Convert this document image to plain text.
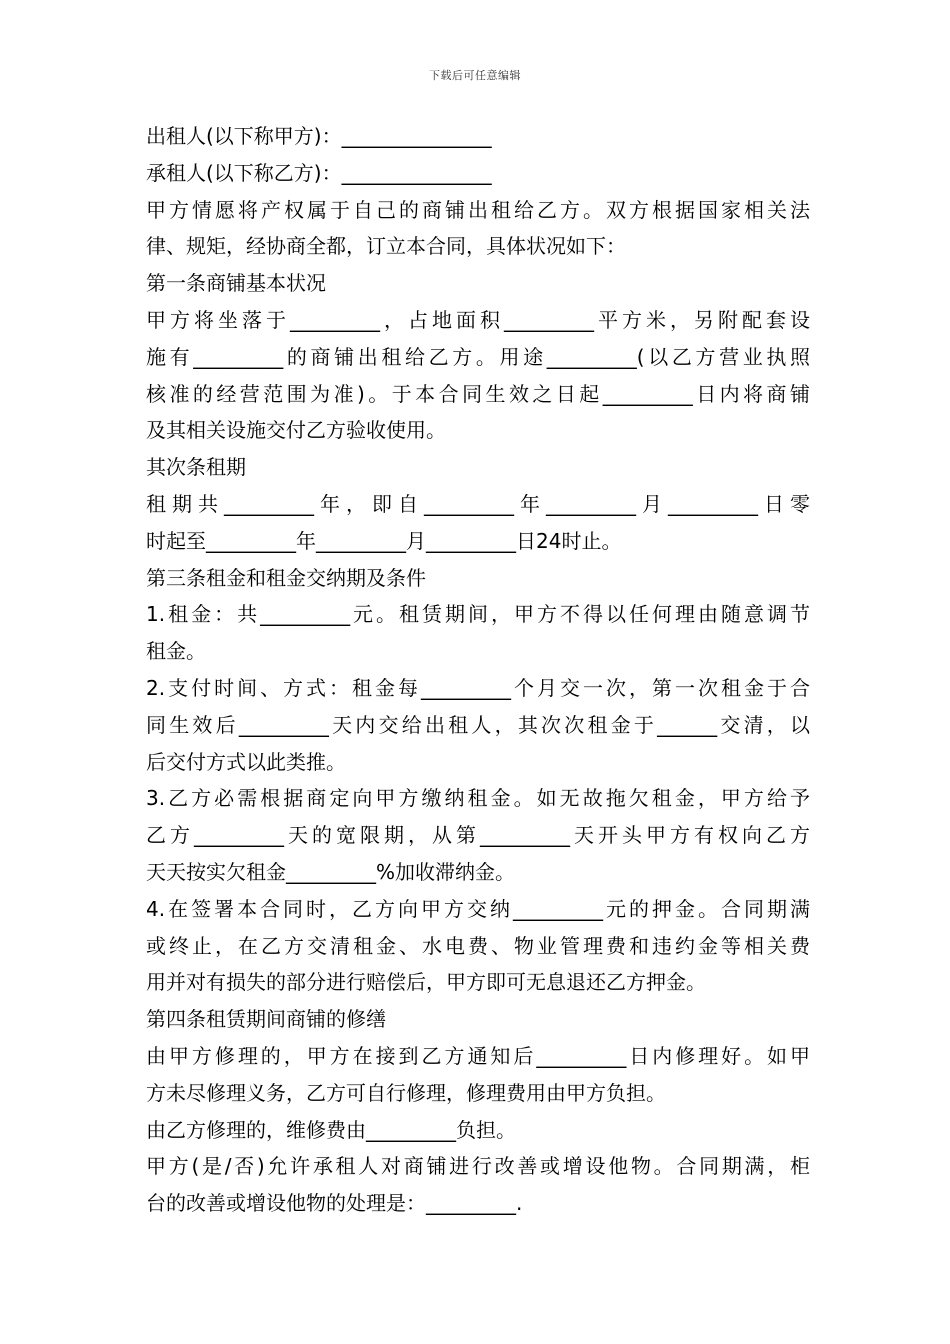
下载后可任意编辑
出租人(以下称甲方)：_______________
承租人(以下称乙方)：_______________
甲方情愿将产权属于自己的商铺出租给乙方。双方根据国家相关法
律、规矩，经协商全都，订立本合同，具体状况如下：
第一条商铺基本状况
甲方将坐落于_________，占地面积_________平方米，另附配套设
施有_________的商铺出租给乙方。用途_________(以乙方营业执照
核准的经营范围为准)。于本合同生效之日起_________日内将商铺
及其相关设施交付乙方验收使用。
其次条租期
租期共_________年，即自_________年_________月_________日零
时起至_________年_________月_________日24时止。
第三条租金和租金交纳期及条件
1.租金：共_________元。租赁期间，甲方不得以任何理由随意调节
租金。
2.支付时间、方式：租金每_________个月交一次，第一次租金于合
同生效后_________天内交给出租人，其次次租金于______交清，以
后交付方式以此类推。
3.乙方必需根据商定向甲方缴纳租金。如无故拖欠租金，甲方给予
乙方_________天的宽限期，从第_________天开头甲方有权向乙方
天天按实欠租金_________%加收滞纳金。
4.在签署本合同时，乙方向甲方交纳_________元的押金。合同期满
或终止，在乙方交清租金、水电费、物业管理费和违约金等相关费
用并对有损失的部分进行赔偿后，甲方即可无息退还乙方押金。
第四条租赁期间商铺的修缮
由甲方修理的，甲方在接到乙方通知后_________日内修理好。如甲
方未尽修理义务，乙方可自行修理，修理费用由甲方负担。
由乙方修理的，维修费由_________负担。
甲方(是/否)允许承租人对商铺进行改善或增设他物。合同期满，柜
台的改善或增设他物的处理是：_________.
